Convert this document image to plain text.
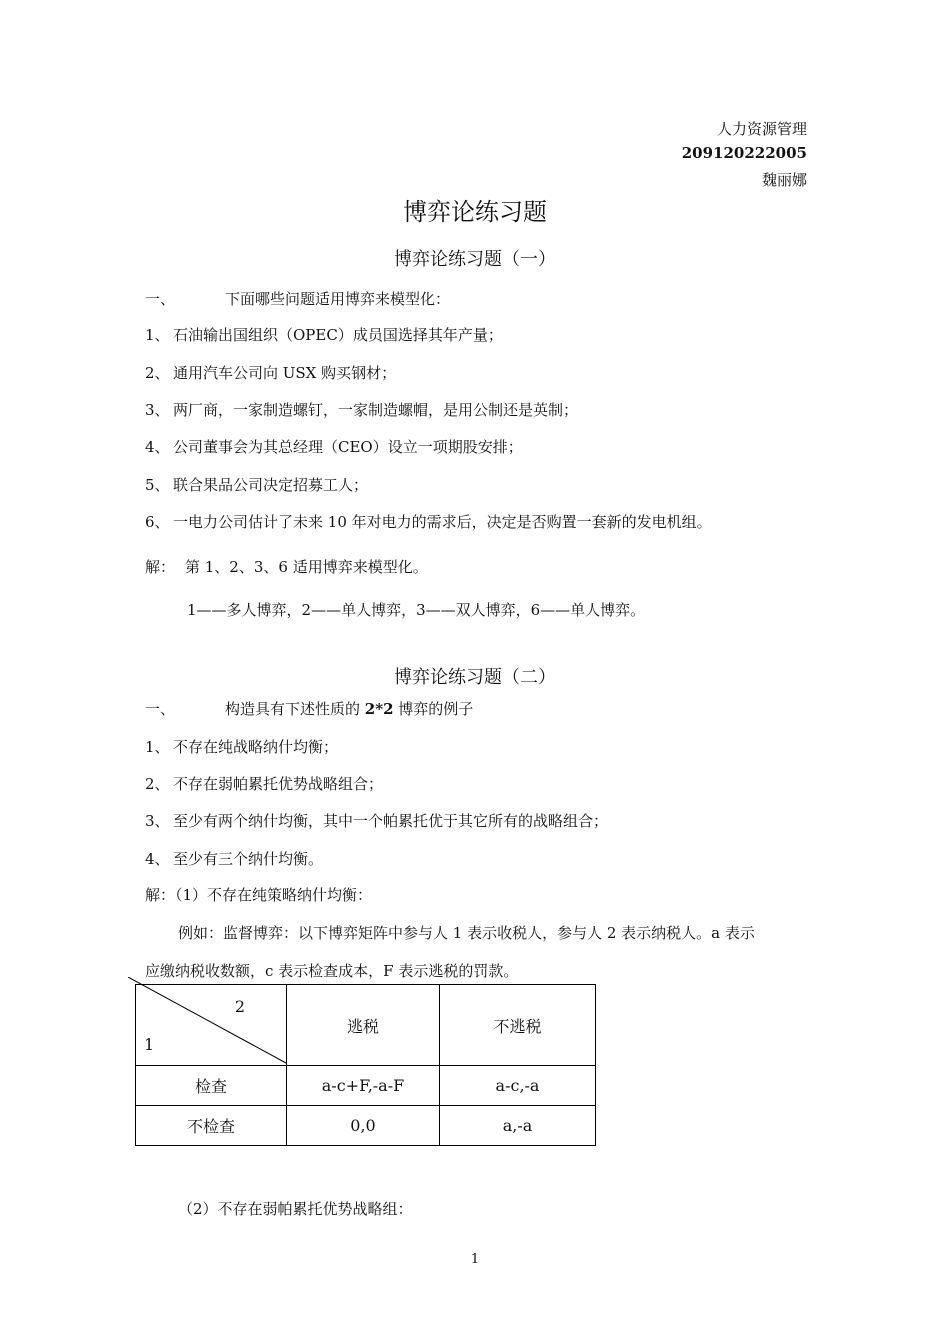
人力资源管理
209120222005
魏丽娜
博弈论练习题
博弈论练习题（一）
一、	下面哪些问题适用博弈来模型化：
1、 石油输出国组织（OPEC）成员国选择其年产量；
2、 通用汽车公司向 USX 购买钢材；
3、 两厂商，一家制造螺钉，一家制造螺帽，是用公制还是英制；
4、 公司董事会为其总经理（CEO）设立一项期股安排；
5、 联合果品公司决定招募工人；
6、 一电力公司估计了未来 10 年对电力的需求后，决定是否购置一套新的发电机组。
解： 第 1、2、3、6 适用博弈来模型化。
1——多人博弈，2——单人博弈，3——双人博弈，6——单人博弈。
博弈论练习题（二）
一、	构造具有下述性质的 2*2 博弈的例子
1、 不存在纯战略纳什均衡；
2、 不存在弱帕累托优势战略组合；
3、 至少有两个纳什均衡，其中一个帕累托优于其它所有的战略组合；
4、 至少有三个纳什均衡。
解：（1）不存在纯策略纳什均衡：
例如：监督博弈：以下博弈矩阵中参与人 1 表示收税人，参与人 2 表示纳税人。a 表示
应缴纳税收数额，c 表示检查成本，F 表示逃税的罚款。
2
1	逃税	不逃税
检查	a-c+F,-a-F	a-c,-a
不检查	0,0	a,-a
（2）不存在弱帕累托优势战略组：
1
